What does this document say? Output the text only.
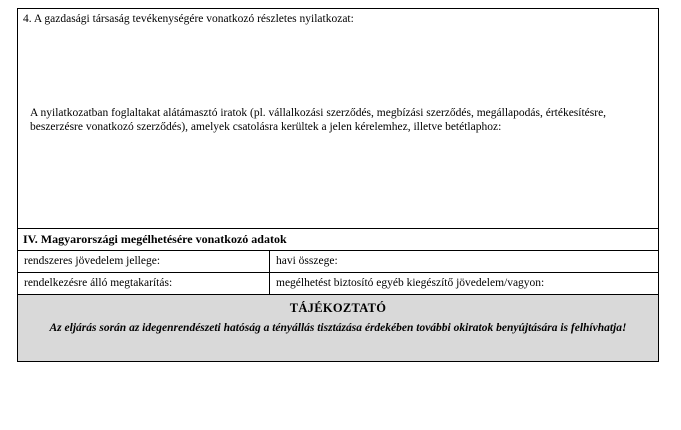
4. A gazdasági társaság tevékenységére vonatkozó részletes nyilatkozat:
A nyilatkozatban foglaltakat alátámasztó iratok (pl. vállalkozási szerződés, megbízási szerződés, megállapodás, értékesítésre, beszerzésre vonatkozó szerződés), amelyek csatolásra kerültek a jelen kérelemhez, illetve betétlaphoz:
IV. Magyarországi megélhetésére vonatkozó adatok
rendszeres jövedelem jellege:	havi összege:
rendelkezésre álló megtakarítás:	megélhetést biztosító egyéb kiegészítő jövedelem/vagyon:
TÁJÉKOZTATÓ
Az eljárás során az idegenrendészeti hatóság a tényállás tisztázása érdekében további okiratok benyújtására is felhívhatja!
